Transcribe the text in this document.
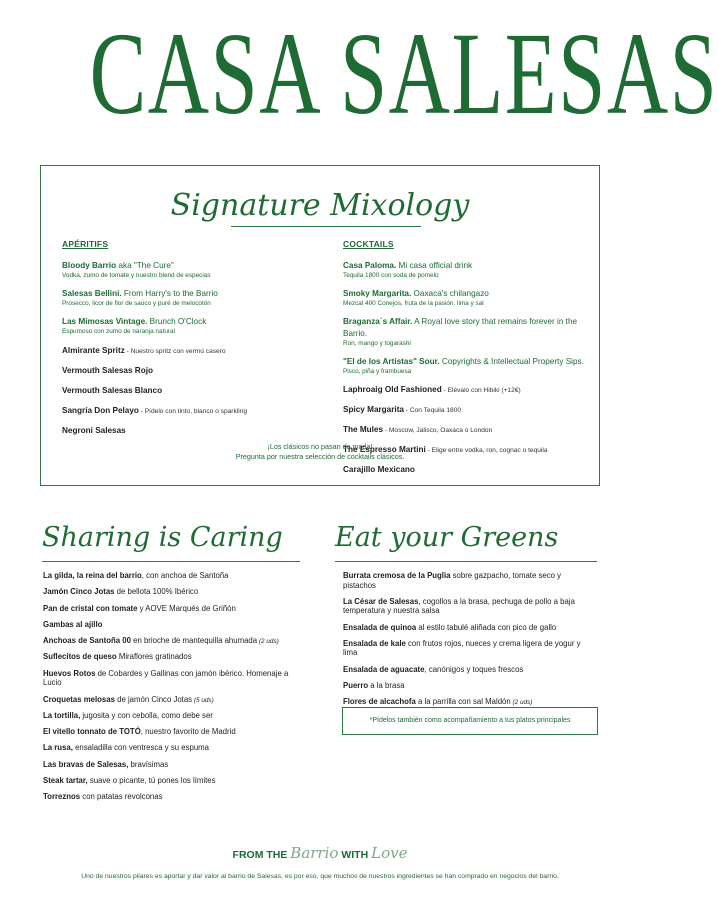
CASA SALESAS
Signature Mixology
APÉRITIFS
Bloody Barrio aka "The Cure"
Vodka, zumo de tomate y nuestro blend de especias
Salesas Bellini. From Harry's to the Barrio
Prosecco, licor de flor de saúco y puré de melocotón
Las Mimosas Vintage. Brunch O'Clock
Espumoso con zumo de naranja natural
Almirante Spritz - Nuestro spritz con vermú casero
Vermouth Salesas Rojo
Vermouth Salesas Blanco
Sangría Don Pelayo - Pídelo con tinto, blanco o sparkling
Negroni Salesas
COCKTAILS
Casa Paloma. Mi casa official drink
Tequila 1800 con soda de pomelo
Smoky Margarita. Oaxaca's chilangazo
Mezcal 400 Conejos, fruta de la pasión, lima y sal
Braganza´s Affair. A Royal love story that remains forever in the Barrio.
Ron, mango y togarashi
"El de los Artistas" Sour. Copyrights & Intellectual Property Sips.
Pisco, piña y frambuesa
Laphroaig Old Fashioned - Elévalo con Hibiki (+12€)
Spicy Margarita - Con Tequila 1800
The Mules - Moscow, Jalisco, Oaxaca o London
The Espresso Martini - Elige entre vodka, ron, cognac o tequila
Carajillo Mexicano
¡Los clásicos no pasan de moda!
Pregunta por nuestra selección de cocktails clásicos.
Sharing is Caring
La gilda, la reina del barrio, con anchoa de Santoña
Jamón Cinco Jotas de bellota 100% Ibérico
Pan de cristal con tomate y AOVE Marqués de Griñón
Gambas al ajillo
Anchoas de Santoña 00 en brioche de mantequilla ahumada (2 uds)
Suflecitos de queso Miraflores gratinados
Huevos Rotos de Cobardes y Gallinas con jamón ibérico. Homenaje a Lucio
Croquetas melosas de jamón Cinco Jotas (5 uds)
La tortilla, jugosita y con cebolla, como debe ser
El vitello tonnato de TOTÓ, nuestro favorito de Madrid
La rusa, ensaladilla con ventresca y su espuma
Las bravas de Salesas, bravísimas
Steak tartar, suave o picante, tú pones los límites
Torreznos con patatas revolconas
Eat your Greens
Burrata cremosa de la Puglia sobre gazpacho, tomate seco y pistachos
La César de Salesas, cogollos a la brasa, pechuga de pollo a baja temperatura y nuestra salsa
Ensalada de quinoa al estilo tabulé aliñada con pico de gallo
Ensalada de kale con frutos rojos, nueces y crema ligera de yogur y lima
Ensalada de aguacate, canónigos y toques frescos
Puerro a la brasa
Flores de alcachofa a la parrilla con sal Maldón (2 uds)
*Pídelos también como acompañamiento a tus platos principales
FROM THE Barrio WITH Love
Uno de nuestros pilares es aportar y dar valor al barrio de Salesas, es por eso, que muchos de nuestros ingredientes se han comprado en negocios del barrio.
